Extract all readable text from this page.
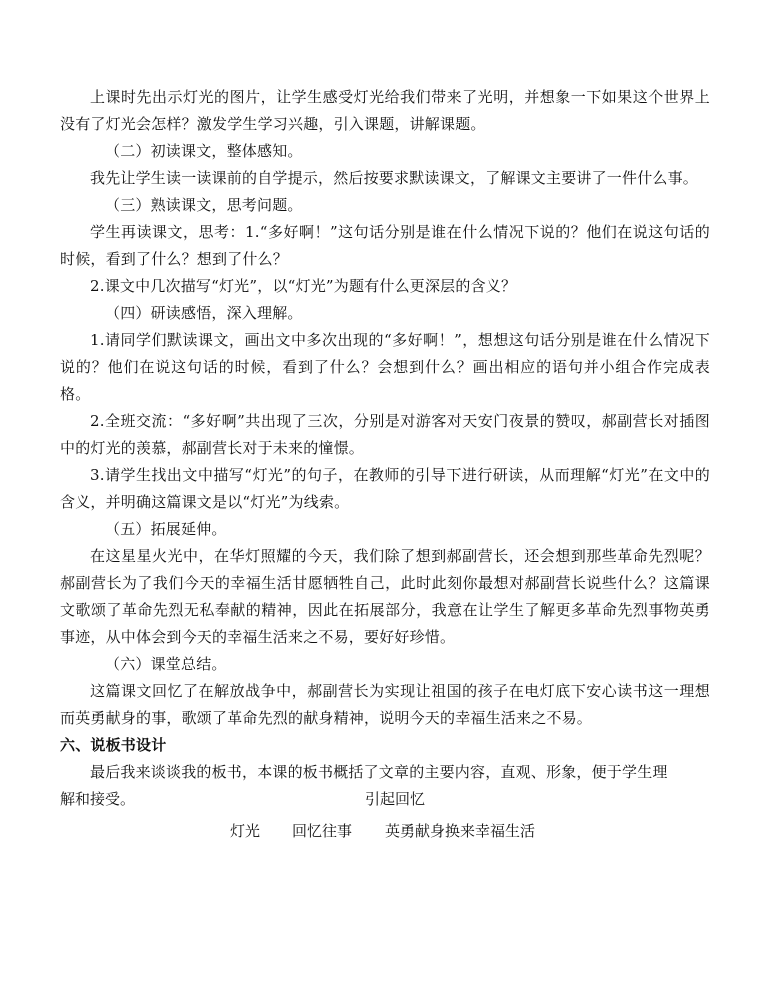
上课时先出示灯光的图片，让学生感受灯光给我们带来了光明，并想象一下如果这个世界上没有了灯光会怎样？激发学生学习兴趣，引入课题，讲解课题。

（二）初读课文，整体感知。

我先让学生读一读课前的自学提示，然后按要求默读课文，了解课文主要讲了一件什么事。

（三）熟读课文，思考问题。

学生再读课文，思考：1.“多好啊！”这句话分别是谁在什么情况下说的？他们在说这句话的时候，看到了什么？想到了什么？

2.课文中几次描写“灯光”，以“灯光”为题有什么更深层的含义？

（四）研读感悟，深入理解。

1.请同学们默读课文，画出文中多次出现的“多好啊！”，想想这句话分别是谁在什么情况下说的？他们在说这句话的时候，看到了什么？会想到什么？画出相应的语句并小组合作完成表格。

2.全班交流：“多好啊”共出现了三次，分别是对游客对天安门夜景的赞叹，郝副营长对插图中的灯光的羡慕，郝副营长对于未来的憧憬。

3.请学生找出文中描写“灯光”的句子，在教师的引导下进行研读，从而理解“灯光”在文中的含义，并明确这篇课文是以“灯光”为线索。

（五）拓展延伸。

在这星星火光中，在华灯照耀的今天，我们除了想到郝副营长，还会想到那些革命先烈呢？郝副营长为了我们今天的幸福生活甘愿牺牲自己，此时此刻你最想对郝副营长说些什么？这篇课文歌颂了革命先烈无私奉献的精神，因此在拓展部分，我意在让学生了解更多革命先烈事物英勇事迹，从中体会到今天的幸福生活来之不易，要好好珍惜。

（六）课堂总结。

这篇课文回忆了在解放战争中，郝副营长为实现让祖国的孩子在电灯底下安心读书这一理想而英勇献身的事，歌颂了革命先烈的献身精神，说明今天的幸福生活来之不易。

六、说板书设计

最后我来谈谈我的板书，本课的板书概括了文章的主要内容，直观、形象，便于学生理

解和接受。	引起回忆
灯光 回忆往事 英勇献身换来幸福生活
